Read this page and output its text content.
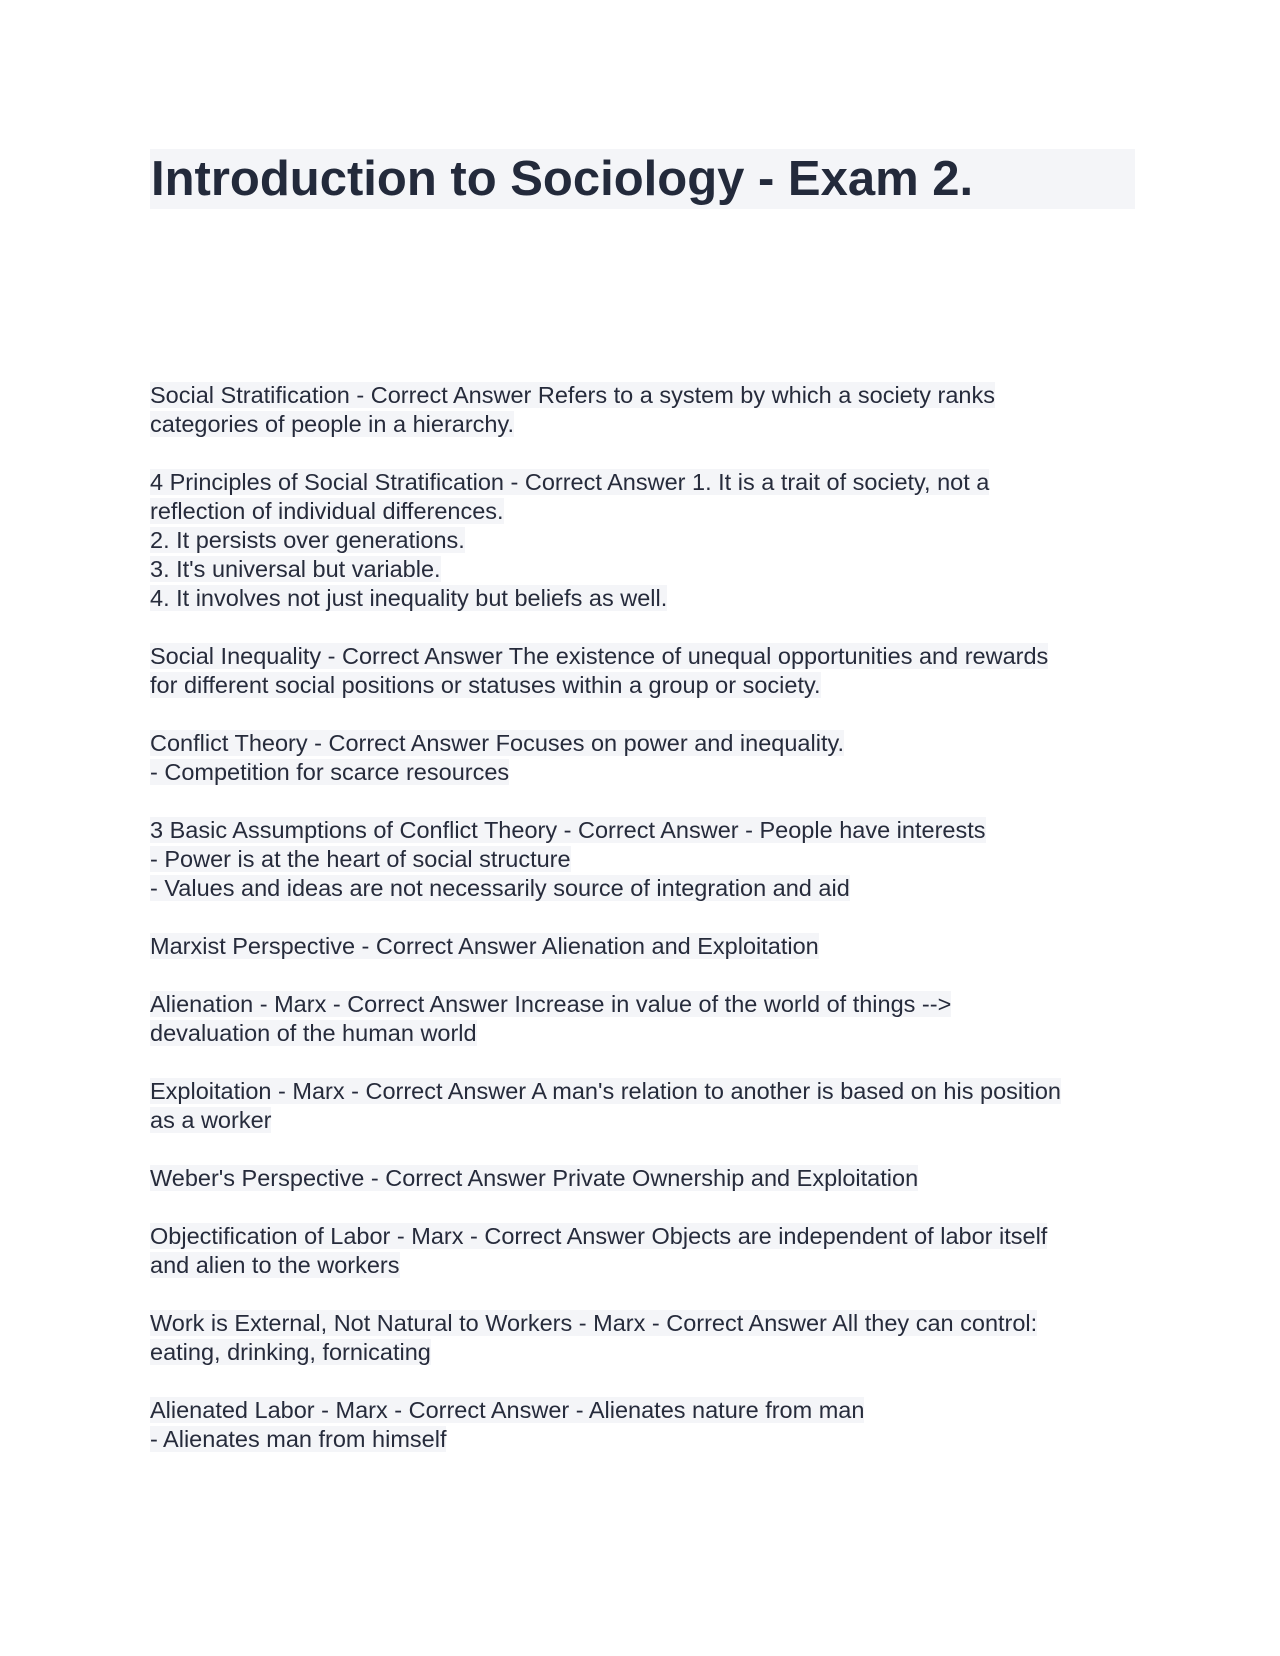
Introduction to Sociology - Exam 2.
Social Stratification - Correct Answer Refers to a system by which a society ranks
categories of people in a hierarchy.
4 Principles of Social Stratification - Correct Answer 1. It is a trait of society, not a
reflection of individual differences.
2. It persists over generations.
3. It's universal but variable.
4. It involves not just inequality but beliefs as well.
Social Inequality - Correct Answer The existence of unequal opportunities and rewards
for different social positions or statuses within a group or society.
Conflict Theory - Correct Answer Focuses on power and inequality.
- Competition for scarce resources
3 Basic Assumptions of Conflict Theory - Correct Answer - People have interests
- Power is at the heart of social structure
- Values and ideas are not necessarily source of integration and aid
Marxist Perspective - Correct Answer Alienation and Exploitation
Alienation - Marx - Correct Answer Increase in value of the world of things -->
devaluation of the human world
Exploitation - Marx - Correct Answer A man's relation to another is based on his position
as a worker
Weber's Perspective - Correct Answer Private Ownership and Exploitation
Objectification of Labor - Marx - Correct Answer Objects are independent of labor itself
and alien to the workers
Work is External, Not Natural to Workers - Marx - Correct Answer All they can control:
eating, drinking, fornicating
Alienated Labor - Marx - Correct Answer - Alienates nature from man
- Alienates man from himself
